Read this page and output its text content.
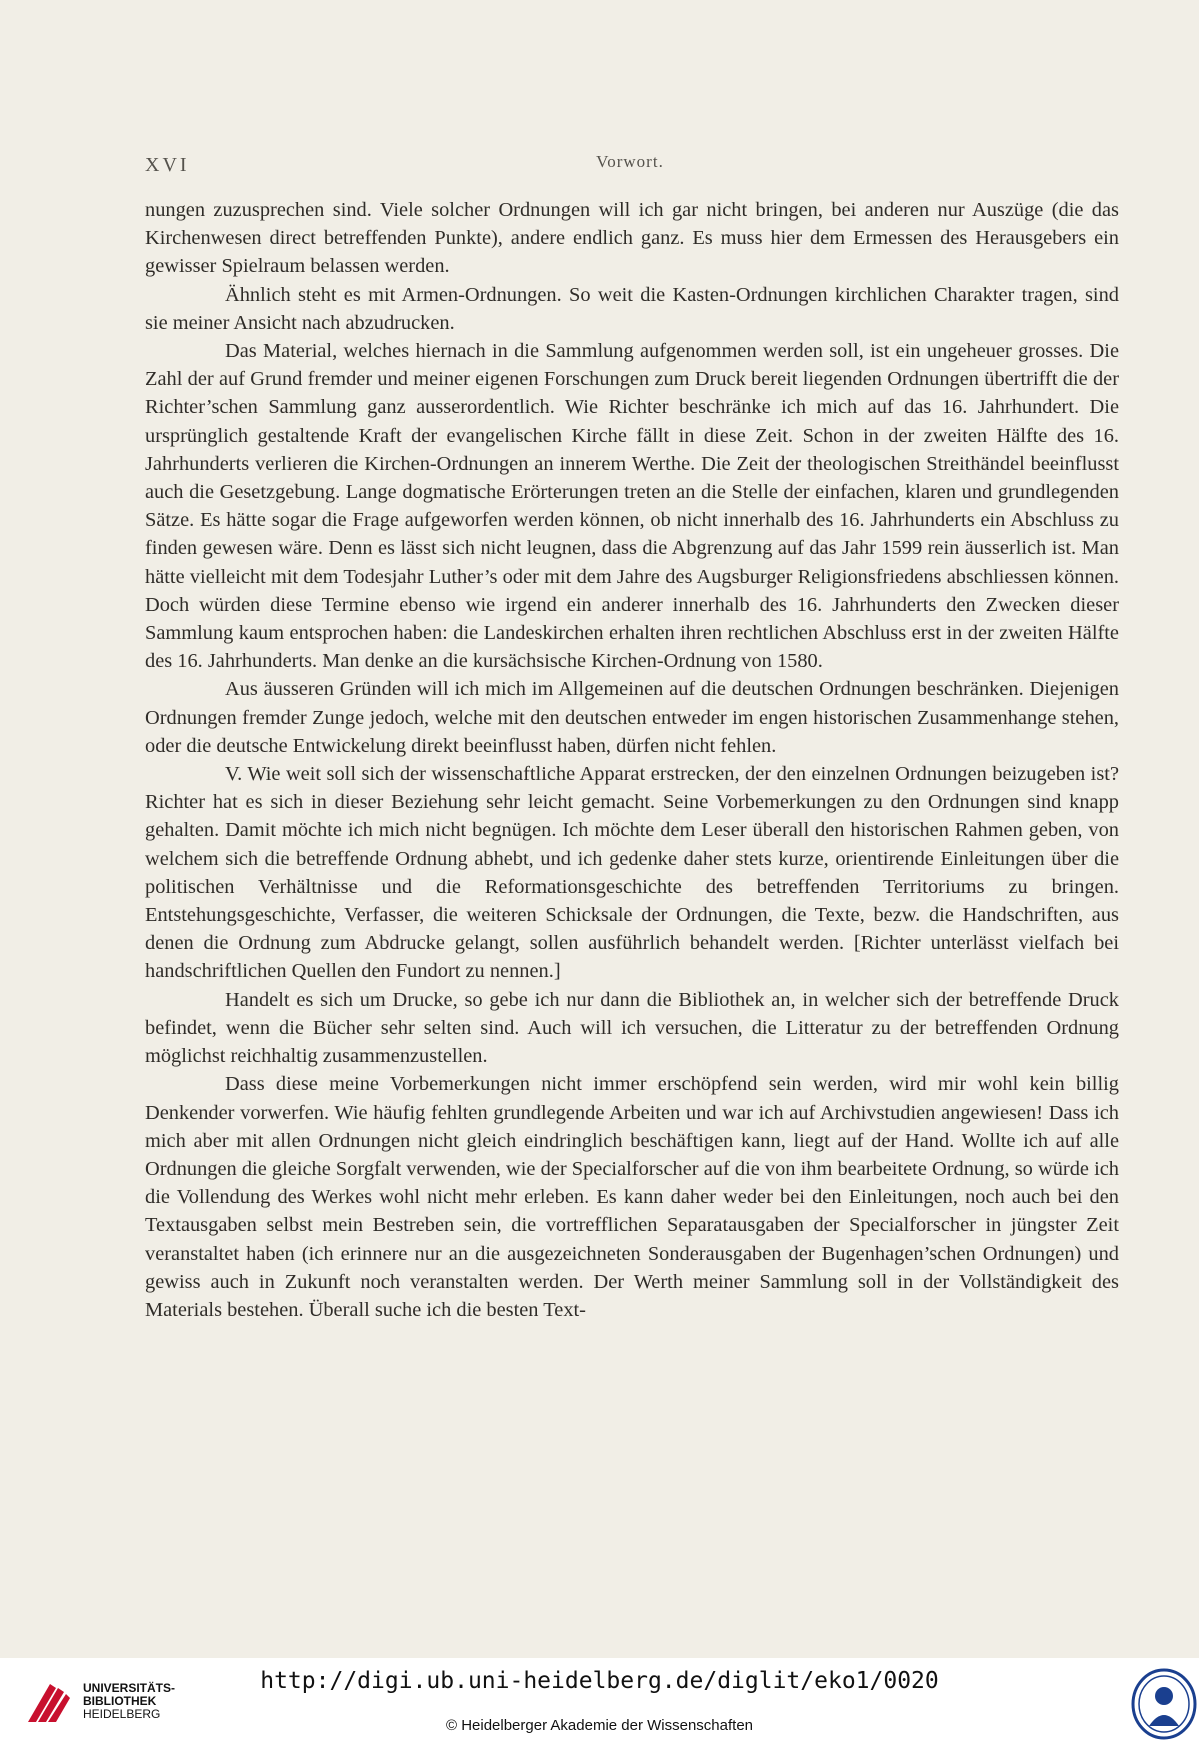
XVI	Vorwort.

nungen zuzusprechen sind. Viele solcher Ordnungen will ich gar nicht bringen, bei anderen nur Auszüge (die das Kirchenwesen direct betreffenden Punkte), andere endlich ganz. Es muss hier dem Ermessen des Herausgebers ein gewisser Spielraum belassen werden.

Ähnlich steht es mit Armen-Ordnungen. So weit die Kasten-Ordnungen kirchlichen Charakter tragen, sind sie meiner Ansicht nach abzudrucken.

Das Material, welches hiernach in die Sammlung aufgenommen werden soll, ist ein ungeheuer grosses. Die Zahl der auf Grund fremder und meiner eigenen Forschungen zum Druck bereit liegenden Ordnungen übertrifft die der Richter’schen Sammlung ganz ausserordentlich. Wie Richter beschränke ich mich auf das 16. Jahrhundert. Die ursprünglich gestaltende Kraft der evangelischen Kirche fällt in diese Zeit. Schon in der zweiten Hälfte des 16. Jahrhunderts verlieren die Kirchen-Ordnungen an innerem Werthe. Die Zeit der theologischen Streithändel beeinflusst auch die Gesetzgebung. Lange dogmatische Erörterungen treten an die Stelle der einfachen, klaren und grundlegenden Sätze. Es hätte sogar die Frage aufgeworfen werden können, ob nicht innerhalb des 16. Jahrhunderts ein Abschluss zu finden gewesen wäre. Denn es lässt sich nicht leugnen, dass die Abgrenzung auf das Jahr 1599 rein äusserlich ist. Man hätte vielleicht mit dem Todesjahr Luther’s oder mit dem Jahre des Augsburger Religionsfriedens abschliessen können. Doch würden diese Termine ebenso wie irgend ein anderer innerhalb des 16. Jahrhunderts den Zwecken dieser Sammlung kaum entsprochen haben: die Landeskirchen erhalten ihren rechtlichen Abschluss erst in der zweiten Hälfte des 16. Jahrhunderts. Man denke an die kursächsische Kirchen-Ordnung von 1580.

Aus äusseren Gründen will ich mich im Allgemeinen auf die deutschen Ordnungen beschränken. Diejenigen Ordnungen fremder Zunge jedoch, welche mit den deutschen entweder im engen historischen Zusammenhange stehen, oder die deutsche Entwickelung direkt beeinflusst haben, dürfen nicht fehlen.

V. Wie weit soll sich der wissenschaftliche Apparat erstrecken, der den einzelnen Ordnungen beizugeben ist? Richter hat es sich in dieser Beziehung sehr leicht gemacht. Seine Vorbemerkungen zu den Ordnungen sind knapp gehalten. Damit möchte ich mich nicht begnügen. Ich möchte dem Leser überall den historischen Rahmen geben, von welchem sich die betreffende Ordnung abhebt, und ich gedenke daher stets kurze, orientirende Einleitungen über die politischen Verhältnisse und die Reformationsgeschichte des betreffenden Territoriums zu bringen. Entstehungsgeschichte, Verfasser, die weiteren Schicksale der Ordnungen, die Texte, bezw. die Handschriften, aus denen die Ordnung zum Abdrucke gelangt, sollen ausführlich behandelt werden. [Richter unterlässt vielfach bei handschriftlichen Quellen den Fundort zu nennen.]

Handelt es sich um Drucke, so gebe ich nur dann die Bibliothek an, in welcher sich der betreffende Druck befindet, wenn die Bücher sehr selten sind. Auch will ich versuchen, die Litteratur zu der betreffenden Ordnung möglichst reichhaltig zusammenzustellen.

Dass diese meine Vorbemerkungen nicht immer erschöpfend sein werden, wird mir wohl kein billig Denkender vorwerfen. Wie häufig fehlten grundlegende Arbeiten und war ich auf Archivstudien angewiesen! Dass ich mich aber mit allen Ordnungen nicht gleich eindringlich beschäftigen kann, liegt auf der Hand. Wollte ich auf alle Ordnungen die gleiche Sorgfalt verwenden, wie der Specialforscher auf die von ihm bearbeitete Ordnung, so würde ich die Vollendung des Werkes wohl nicht mehr erleben. Es kann daher weder bei den Einleitungen, noch auch bei den Textausgaben selbst mein Bestreben sein, die vortrefflichen Separatausgaben der Specialforscher in jüngster Zeit veranstaltet haben (ich erinnere nur an die ausgezeichneten Sonderausgaben der Bugenhagen’schen Ordnungen) und gewiss auch in Zukunft noch veranstalten werden. Der Werth meiner Sammlung soll in der Vollständigkeit des Materials bestehen. Überall suche ich die besten Text-

UNIVERSITÄTS-
BIBLIOTHEK
HEIDELBERG
http://digi.ub.uni-heidelberg.de/diglit/eko1/0020
© Heidelberger Akademie der Wissenschaften
